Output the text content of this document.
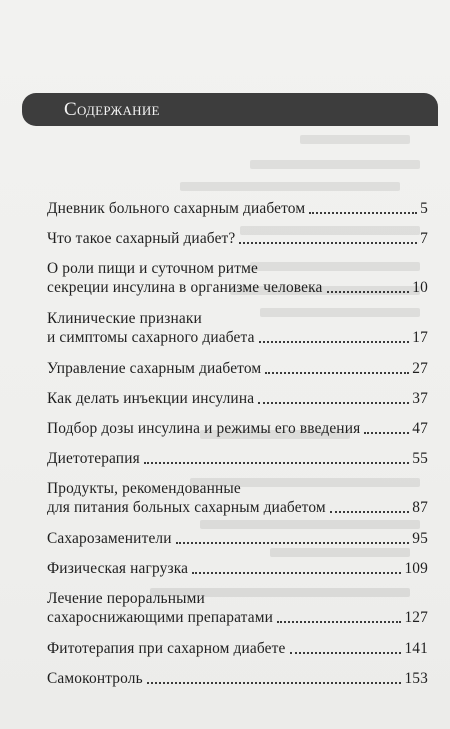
Содержание
Дневник больного сахарным диабетом	5
Что такое сахарный диабет?	7
О роли пищи и суточном ритме
секреции инсулина в организме человека	10
Клинические признаки
и симптомы сахарного диабета	17
Управление сахарным диабетом	27
Как делать инъекции инсулина	37
Подбор дозы инсулина и режимы его введения	47
Диетотерапия	55
Продукты, рекомендованные
для питания больных сахарным диабетом	87
Сахарозаменители	95
Физическая нагрузка	109
Лечение пероральными
сахароснижающими препаратами	127
Фитотерапия при сахарном диабете	141
Самоконтроль	153
